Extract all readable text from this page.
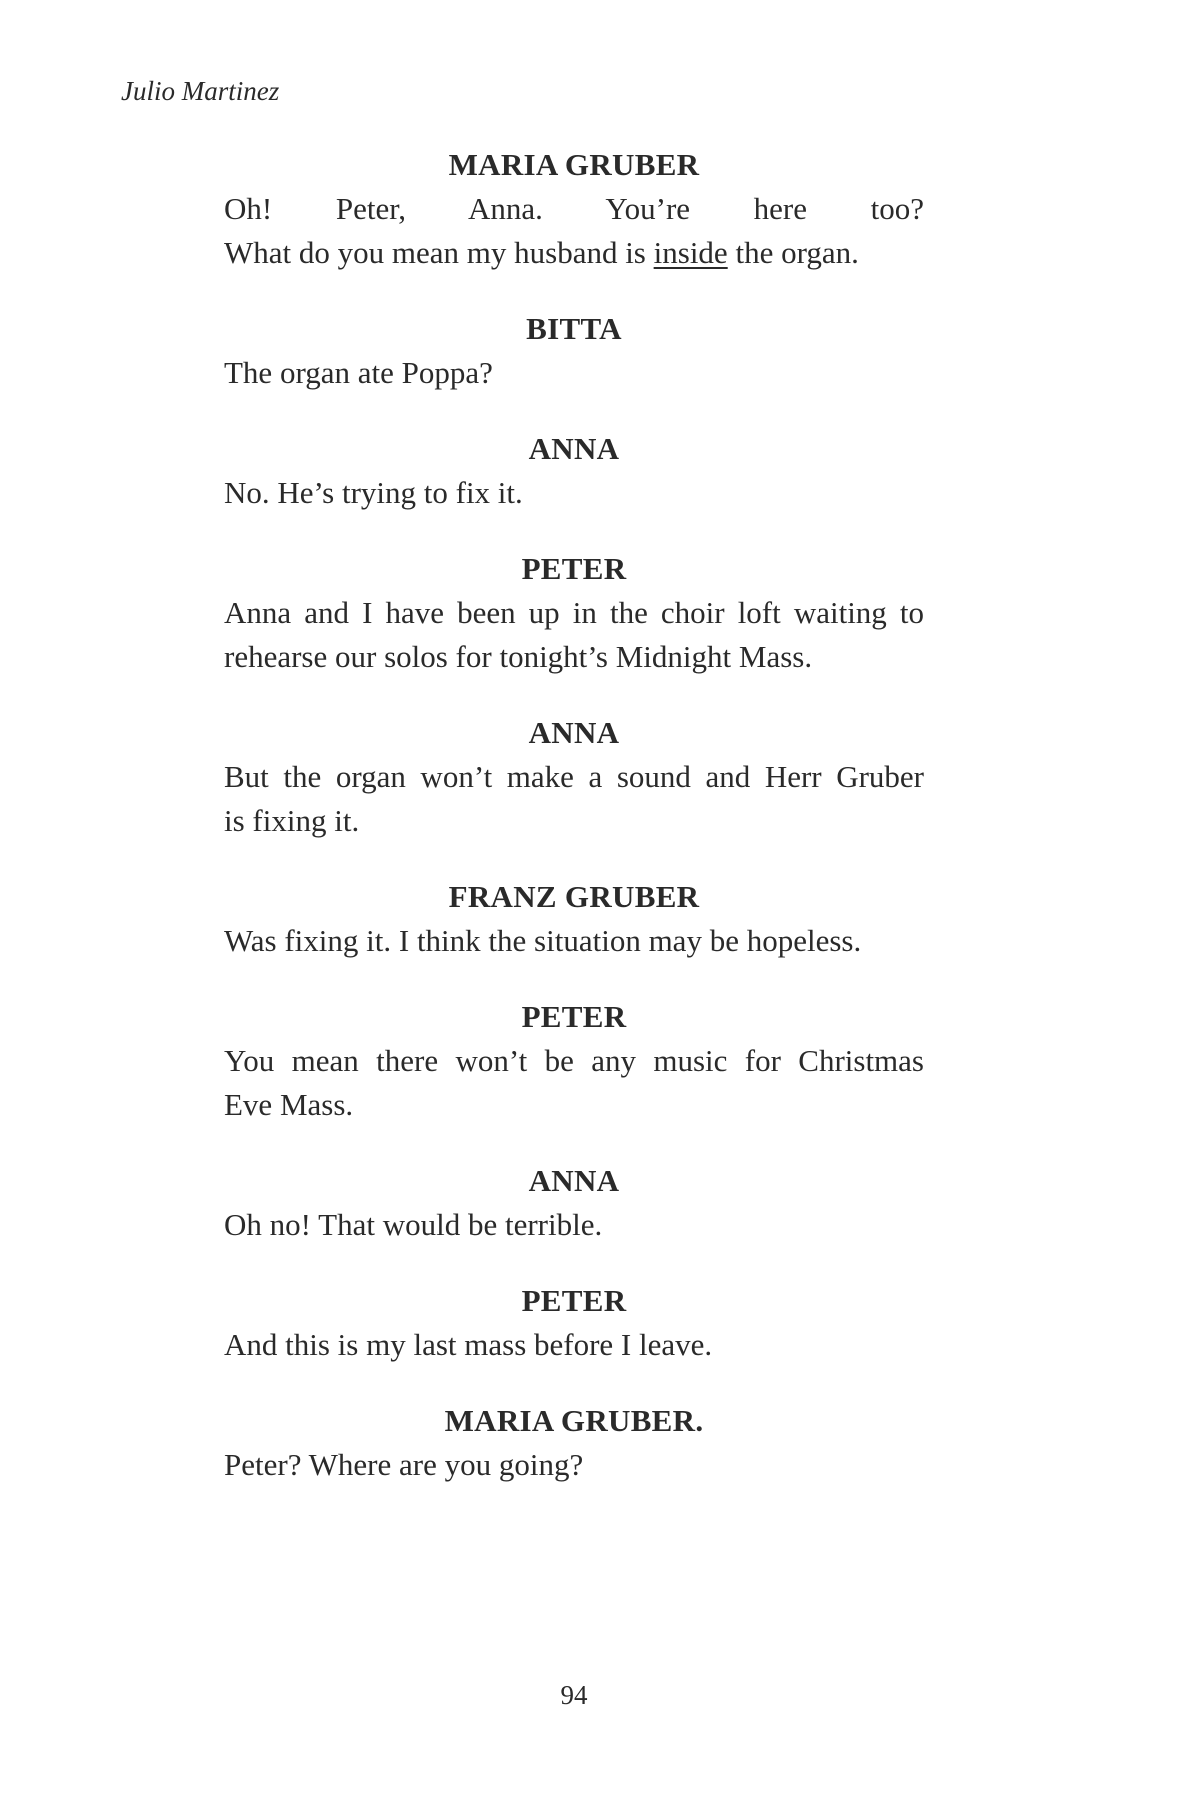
Julio Martinez
MARIA GRUBER
Oh! Peter, Anna. You’re here too?
What do you mean my husband is inside the organ.
BITTA
The organ ate Poppa?
ANNA
No. He’s trying to fix it.
PETER
Anna and I have been up in the choir loft waiting to
rehearse our solos for tonight’s Midnight Mass.
ANNA
But the organ won’t make a sound and Herr Gruber
is fixing it.
FRANZ GRUBER
Was fixing it. I think the situation may be hopeless.
PETER
You mean there won’t be any music for Christmas
Eve Mass.
ANNA
Oh no! That would be terrible.
PETER
And this is my last mass before I leave.
MARIA GRUBER.
Peter? Where are you going?
94
